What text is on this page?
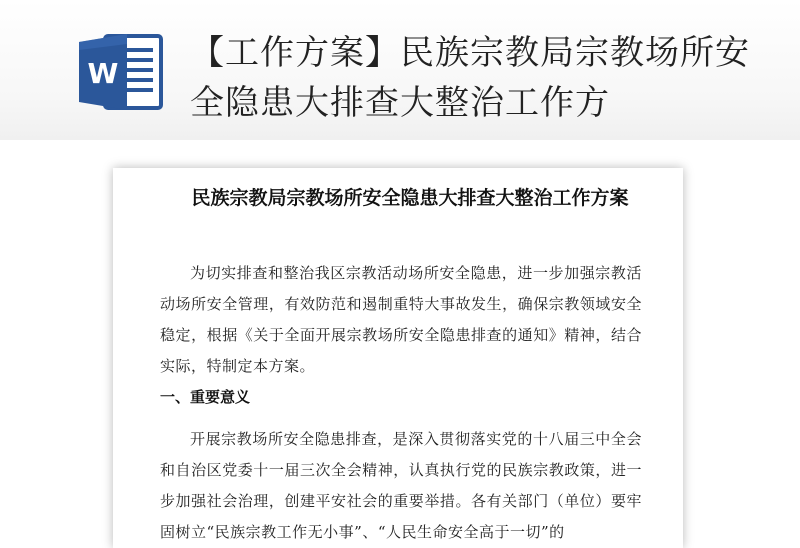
W
【工作方案】民族宗教局宗教场所安全隐患大排查大整治工作方
民族宗教局宗教场所安全隐患大排查大整治工作方案
为切实排查和整治我区宗教活动场所安全隐患，进一步加强宗教活动场所安全管理，有效防范和遏制重特大事故发生，确保宗教领域安全稳定，根据《关于全面开展宗教场所安全隐患排查的通知》精神，结合实际，特制定本方案。
一、重要意义
开展宗教场所安全隐患排查，是深入贯彻落实党的十八届三中全会和自治区党委十一届三次全会精神，认真执行党的民族宗教政策，进一步加强社会治理，创建平安社会的重要举措。各有关部门（单位）要牢固树立“民族宗教工作无小事”、“人民生命安全高于一切”的
